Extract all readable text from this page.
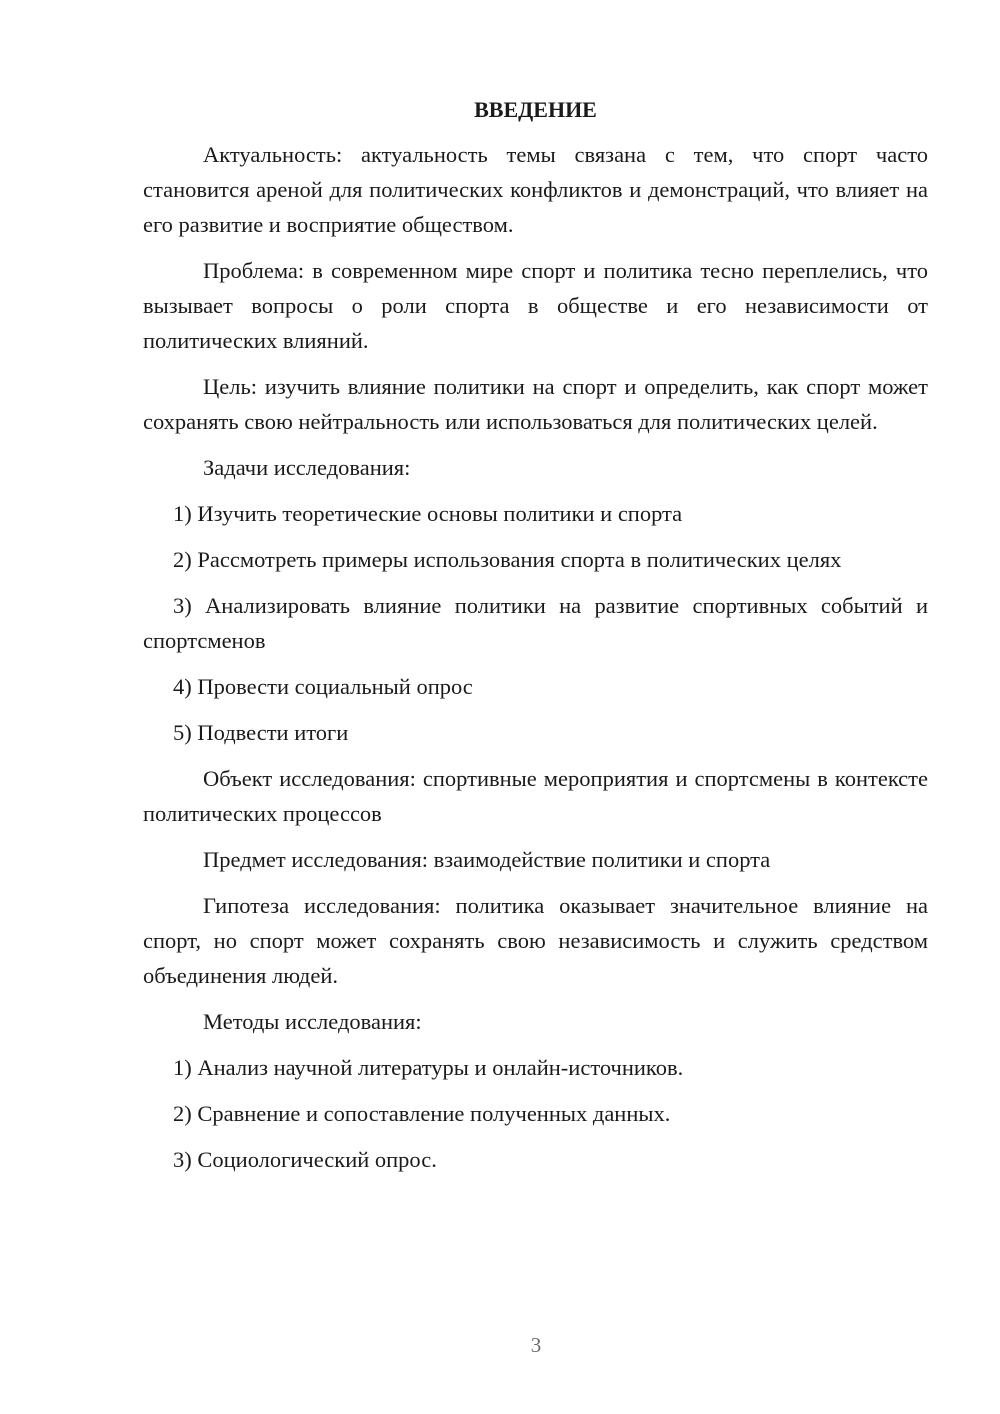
ВВЕДЕНИЕ

Актуальность: актуальность темы связана с тем, что спорт часто становится ареной для политических конфликтов и демонстраций, что влияет на его развитие и восприятие обществом.

Проблема: в современном мире спорт и политика тесно переплелись, что вызывает вопросы о роли спорта в обществе и его независимости от политических влияний.

Цель: изучить влияние политики на спорт и определить, как спорт может сохранять свою нейтральность или использоваться для политических целей.

Задачи исследования:

1) Изучить теоретические основы политики и спорта

2) Рассмотреть примеры использования спорта в политических целях

3) Анализировать влияние политики на развитие спортивных событий и спортсменов

4) Провести социальный опрос

5) Подвести итоги

Объект исследования: спортивные мероприятия и спортсмены в контексте политических процессов

Предмет исследования: взаимодействие политики и спорта

Гипотеза исследования: политика оказывает значительное влияние на спорт, но спорт может сохранять свою независимость и служить средством объединения людей.

Методы исследования:

1) Анализ научной литературы и онлайн-источников.

2) Сравнение и сопоставление полученных данных.

3) Социологический опрос.

3
